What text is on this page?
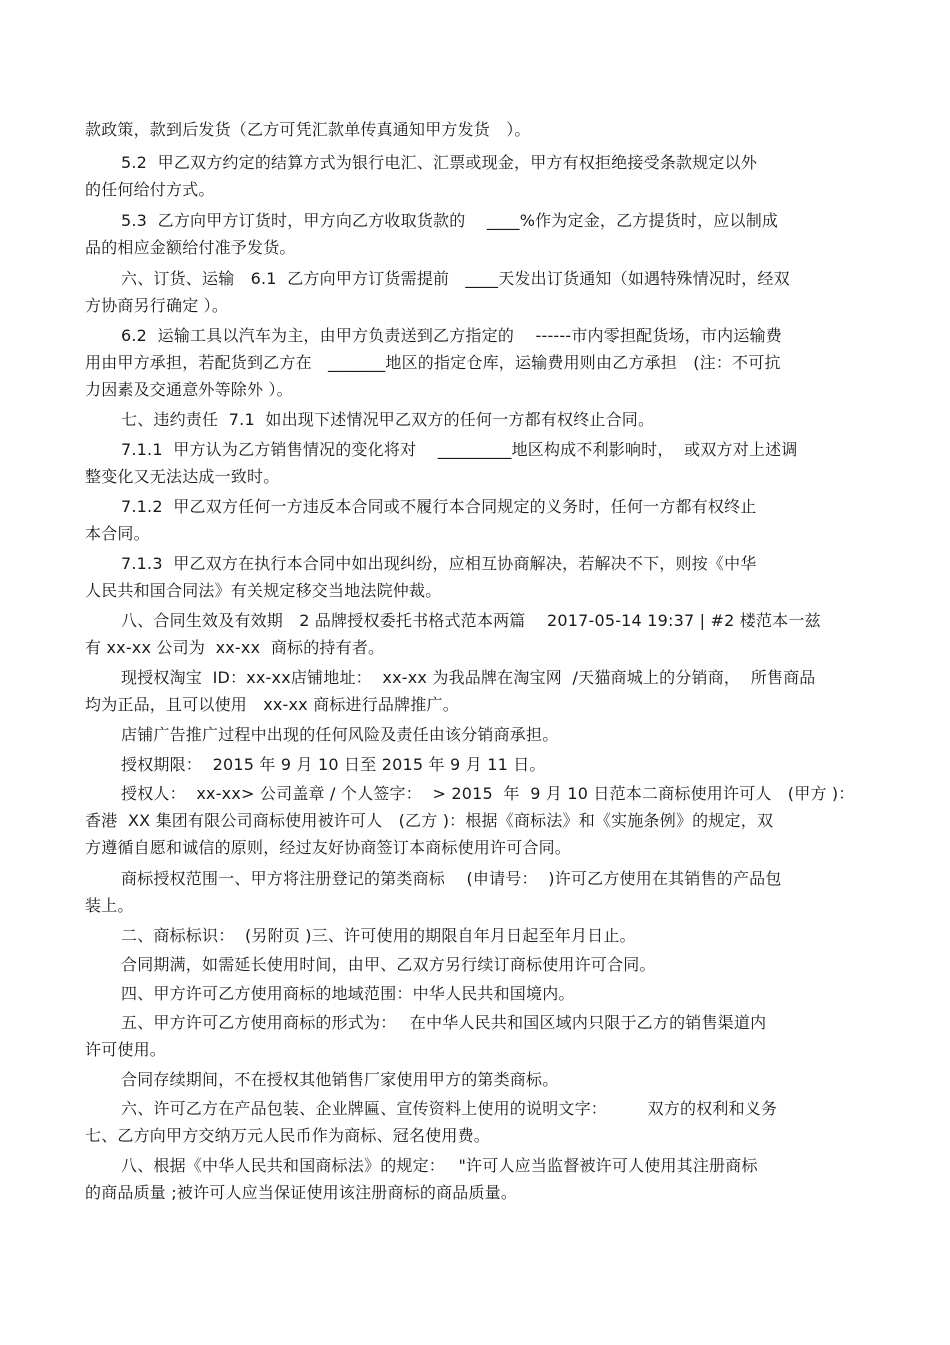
款政策，款到后发货（乙方可凭汇款单传真通知甲方发货　）。
5.2  甲乙双方约定的结算方式为银行电汇、汇票或现金，甲方有权拒绝接受条款规定以外
的任何给付方式。
5.3  乙方向甲方订货时，甲方向乙方收取货款的　 ____%作为定金，乙方提货时，应以制成
品的相应金额给付准予发货。
六、订货、运输　6.1  乙方向甲方订货需提前　____天发出订货通知（如遇特殊情况时，经双
方协商另行确定 ）。
6.2  运输工具以汽车为主，由甲方负责送到乙方指定的　 ------市内零担配货场，市内运输费
用由甲方承担，若配货到乙方在　_______地区的指定仓库，运输费用则由乙方承担　(注：不可抗
力因素及交通意外等除外 ）。
七、违约责任  7.1  如出现下述情况甲乙双方的任何一方都有权终止合同。
7.1.1  甲方认为乙方销售情况的变化将对　 _________地区构成不利影响时，  或双方对上述调
整变化又无法达成一致时。
7.1.2  甲乙双方任何一方违反本合同或不履行本合同规定的义务时，任何一方都有权终止
本合同。
7.1.3  甲乙双方在执行本合同中如出现纠纷，应相互协商解决，若解决不下，则按《中华
人民共和国合同法》有关规定移交当地法院仲裁。
八、合同生效及有效期　2 品牌授权委托书格式范本两篇　 2017-05-14 19:37 | #2 楼范本一兹
有 xx-xx 公司为  xx-xx  商标的持有者。
现授权淘宝  ID：xx-xx店铺地址：  xx-xx 为我品牌在淘宝网  /天猫商城上的分销商，  所售商品
均为正品，且可以使用　xx-xx 商标进行品牌推广。
店铺广告推广过程中出现的任何风险及责任由该分销商承担。
授权期限：  2015 年 9 月 10 日至 2015 年 9 月 11 日。
授权人：  xx-xx> 公司盖章 / 个人签字：  > 2015  年  9 月 10 日范本二商标使用许可人　(甲方 )：
香港  XX 集团有限公司商标使用被许可人　(乙方 )：根据《商标法》和《实施条例》的规定，双
方遵循自愿和诚信的原则，经过友好协商签订本商标使用许可合同。
商标授权范围一、甲方将注册登记的第类商标　 (申请号：  )许可乙方使用在其销售的产品包
装上。
二、商标标识：  (另附页 )三、许可使用的期限自年月日起至年月日止。
合同期满，如需延长使用时间，由甲、乙双方另行续订商标使用许可合同。
四、甲方许可乙方使用商标的地域范围：中华人民共和国境内。
五、甲方许可乙方使用商标的形式为：　 在中华人民共和国区域内只限于乙方的销售渠道内
许可使用。
合同存续期间，不在授权其他销售厂家使用甲方的第类商标。
六、许可乙方在产品包装、企业牌匾、宣传资料上使用的说明文字：　　　双方的权利和义务
七、乙方向甲方交纳万元人民币作为商标、冠名使用费。
八、根据《中华人民共和国商标法》的规定：　 "许可人应当监督被许可人使用其注册商标
的商品质量 ;被许可人应当保证使用该注册商标的商品质量。
